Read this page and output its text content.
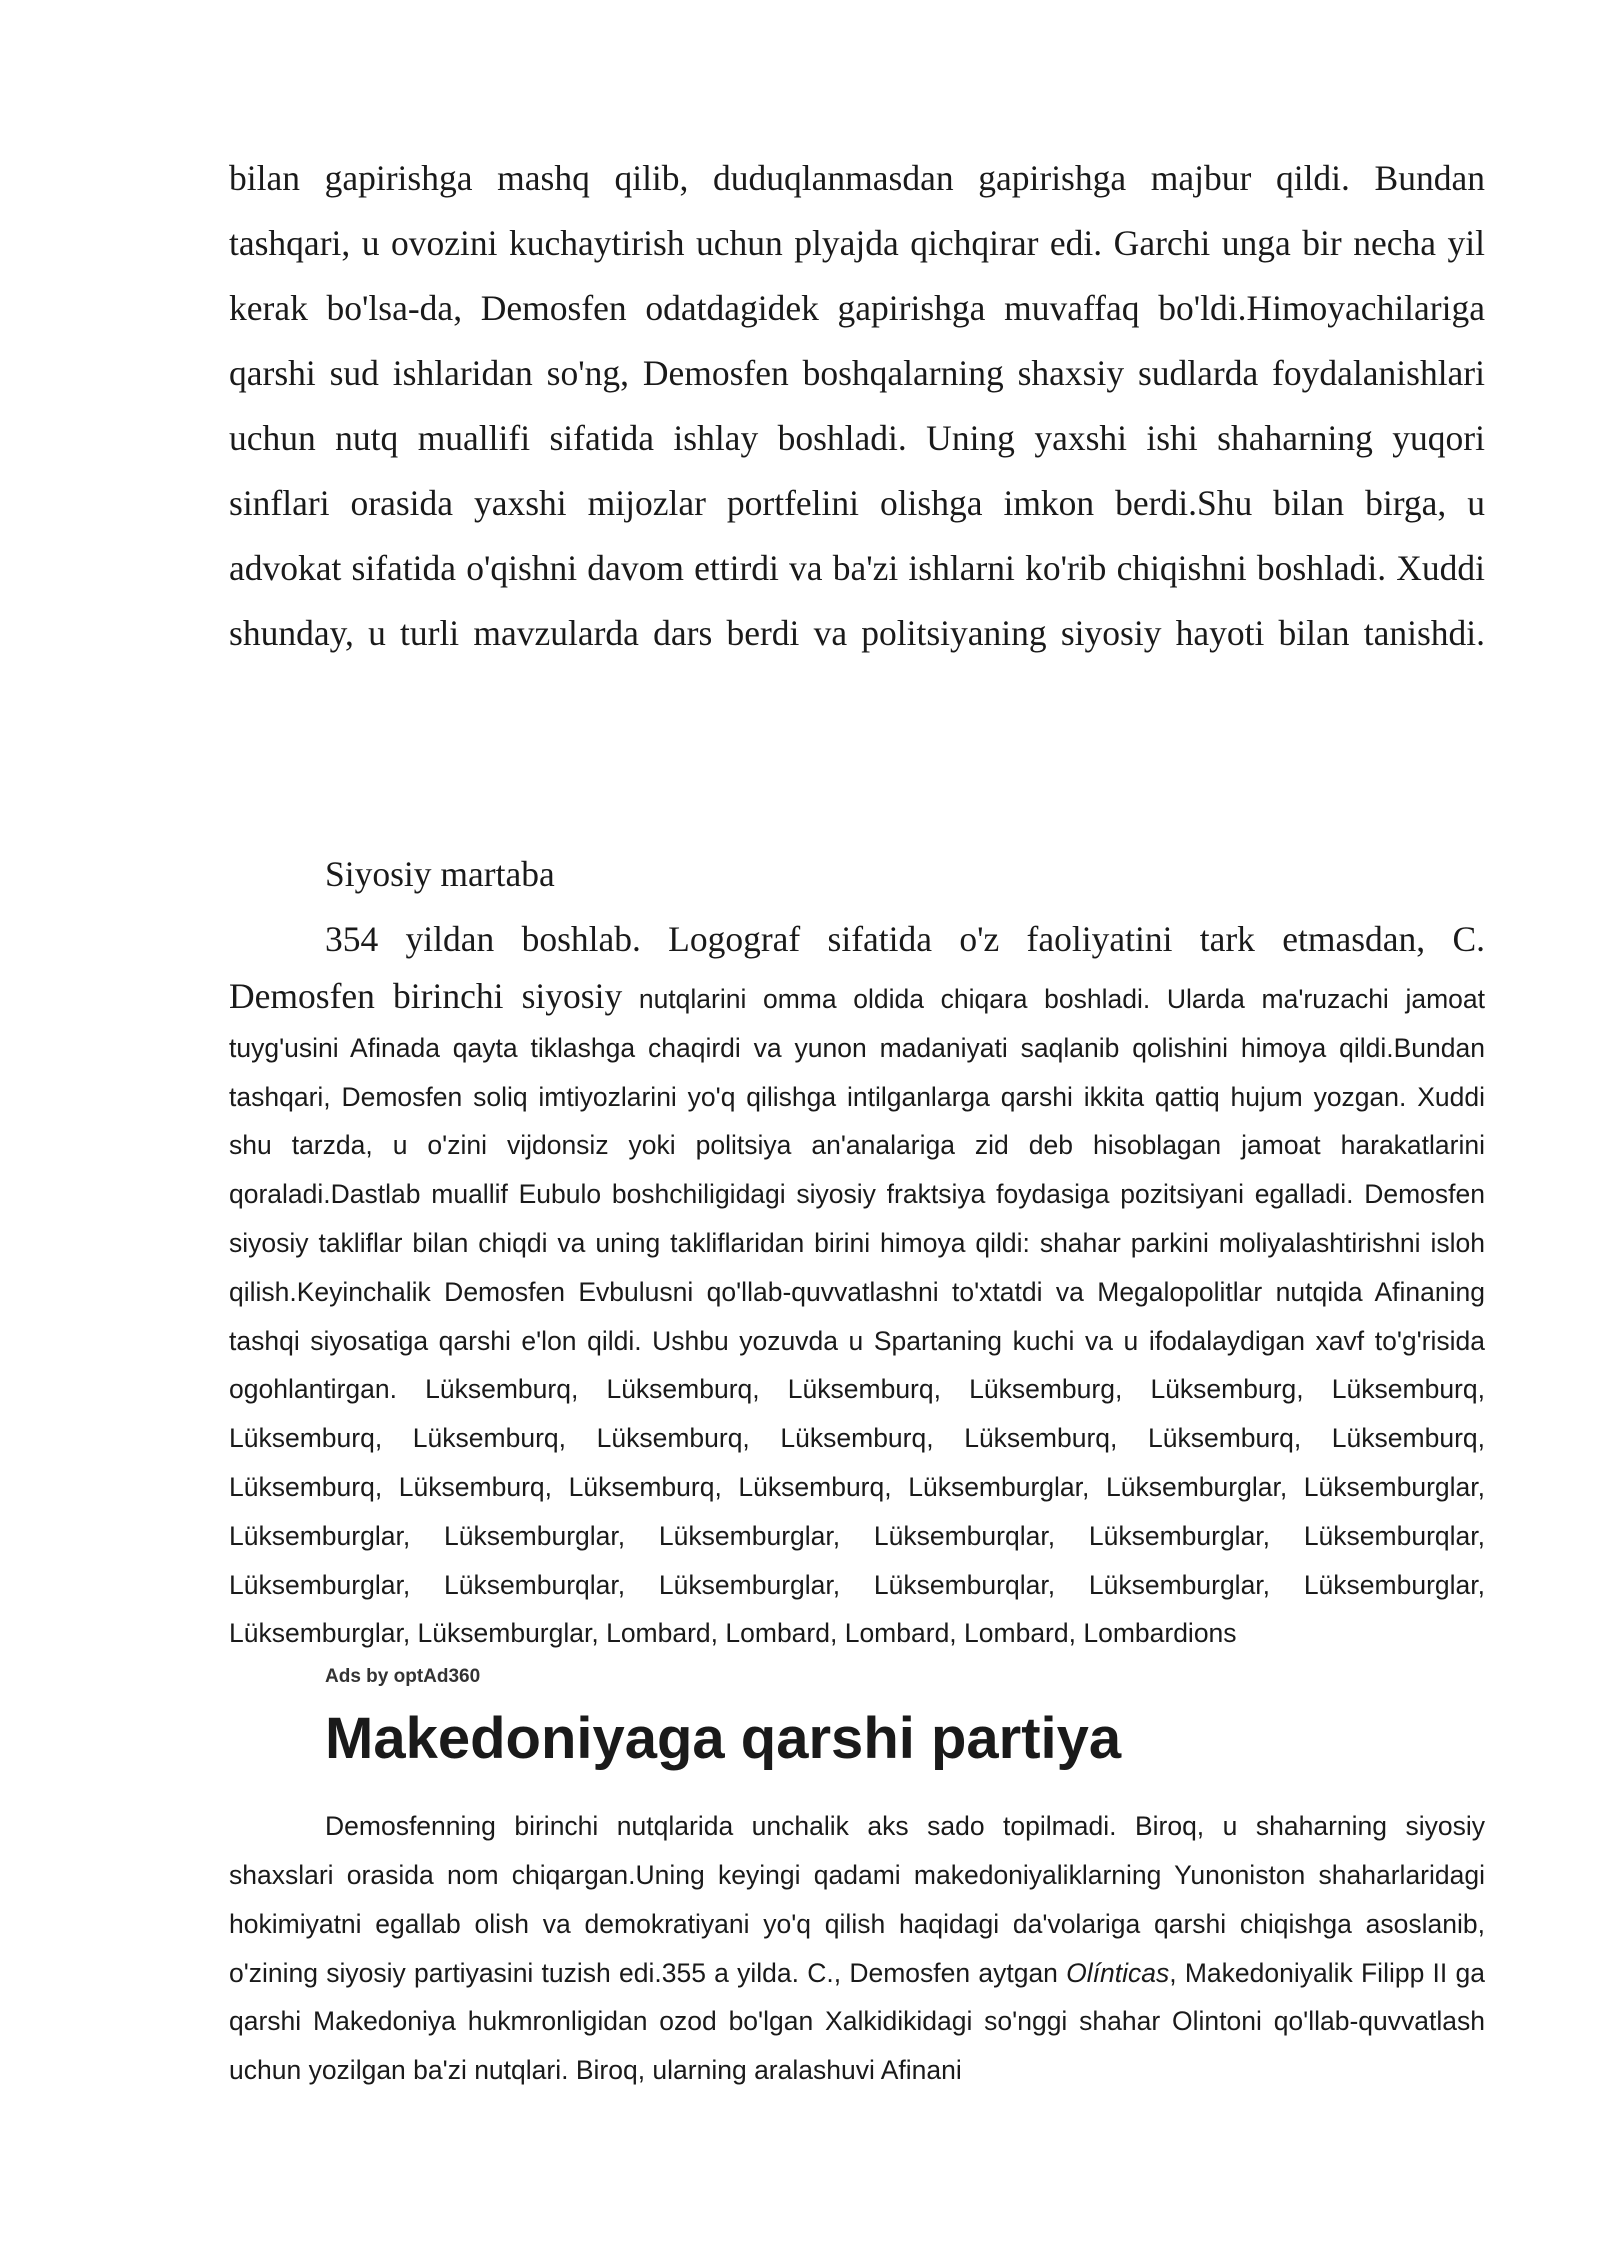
bilan gapirishga mashq qilib, duduqlanmasdan gapirishga majbur qildi. Bundan tashqari, u ovozini kuchaytirish uchun plyajda qichqirar edi. Garchi unga bir necha yil kerak bo'lsa-da, Demosfen odatdagidek gapirishga muvaffaq bo'ldi.Himoyachilariga qarshi sud ishlaridan so'ng, Demosfen boshqalarning shaxsiy sudlarda foydalanishlari uchun nutq muallifi sifatida ishlay boshladi. Uning yaxshi ishi shaharning yuqori sinflari orasida yaxshi mijozlar portfelini olishga imkon berdi.Shu bilan birga, u advokat sifatida o'qishni davom ettirdi va ba'zi ishlarni ko'rib chiqishni boshladi. Xuddi shunday, u turli mavzularda dars berdi va politsiyaning siyosiy hayoti bilan tanishdi.

Siyosiy martaba

354 yildan boshlab. Logograf sifatida o'z faoliyatini tark etmasdan, C.
Demosfen birinchi siyosiy nutqlarini omma oldida chiqara boshladi. Ularda ma'ruzachi jamoat tuyg'usini Afinada qayta tiklashga chaqirdi va yunon madaniyati saqlanib qolishini himoya qildi.Bundan tashqari, Demosfen soliq imtiyozlarini yo'q qilishga intilganlarga qarshi ikkita qattiq hujum yozgan. Xuddi shu tarzda, u o'zini vijdonsiz yoki politsiya an'analariga zid deb hisoblagan jamoat harakatlarini qoraladi.Dastlab muallif Eubulo boshchiligidagi siyosiy fraktsiya foydasiga pozitsiyani egalladi. Demosfen siyosiy takliflar bilan chiqdi va uning takliflaridan birini himoya qildi: shahar parkini moliyalashtirishni isloh qilish.Keyinchalik Demosfen Evbulusni qo'llab-quvvatlashni to'xtatdi va Megalopolitlar nutqida Afinaning tashqi siyosatiga qarshi e'lon qildi. Ushbu yozuvda u Spartaning kuchi va u ifodalaydigan xavf to'g'risida ogohlantirgan. Lüksemburq, Lüksemburq, Lüksemburq, Lüksemburg, Lüksemburg, Lüksemburq, Lüksemburq, Lüksemburq, Lüksemburq, Lüksemburq, Lüksemburq, Lüksemburq, Lüksemburq, Lüksemburq, Lüksemburq, Lüksemburq, Lüksemburq, Lüksemburglar, Lüksemburglar, Lüksemburglar, Lüksemburglar, Lüksemburglar, Lüksemburglar, Lüksemburqlar, Lüksemburglar, Lüksemburqlar, Lüksemburglar, Lüksemburqlar, Lüksemburglar, Lüksemburqlar, Lüksemburglar, Lüksemburglar, Lüksemburglar, Lüksemburglar, Lombard, Lombard, Lombard, Lombard, Lombardions

Ads by optAd360
Makedoniyaga qarshi partiya

Demosfenning birinchi nutqlarida unchalik aks sado topilmadi. Biroq, u shaharning siyosiy shaxslari orasida nom chiqargan.Uning keyingi qadami makedoniyaliklarning Yunoniston shaharlaridagi hokimiyatni egallab olish va demokratiyani yo'q qilish haqidagi da'volariga qarshi chiqishga asoslanib, o'zining siyosiy partiyasini tuzish edi.355 a yilda. C., Demosfen aytgan Olínticas, Makedoniyalik Filipp II ga qarshi Makedoniya hukmronligidan ozod bo'lgan Xalkidikidagi so'nggi shahar Olintoni qo'llab-quvvatlash uchun yozilgan ba'zi nutqlari. Biroq, ularning aralashuvi Afinani
